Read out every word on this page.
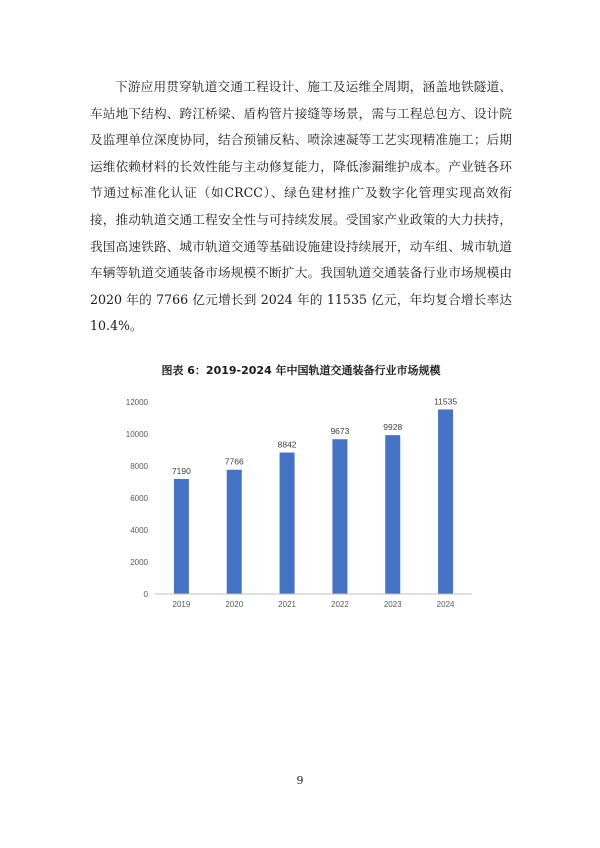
下游应用贯穿轨道交通工程设计、施工及运维全周期，涵盖地铁隧道、车站地下结构、跨江桥梁、盾构管片接缝等场景，需与工程总包方、设计院及监理单位深度协同，结合预铺反粘、喷涂速凝等工艺实现精准施工；后期运维依赖材料的长效性能与主动修复能力，降低渗漏维护成本。产业链各环节通过标准化认证（如CRCC）、绿色建材推广及数字化管理实现高效衔接，推动轨道交通工程安全性与可持续发展。受国家产业政策的大力扶持，我国高速铁路、城市轨道交通等基础设施建设持续展开，动车组、城市轨道车辆等轨道交通装备市场规模不断扩大。我国轨道交通装备行业市场规模由 2020 年的 7766 亿元增长到 2024 年的 11535 亿元，年均复合增长率达 10.4%。

图表 6：2019-2024 年中国轨道交通装备行业市场规模
0
2000
4000
6000
8000
10000
12000
7190
7766
8842
9673	9928
11535
2019	2020	2021	2022	2023	2024
9
